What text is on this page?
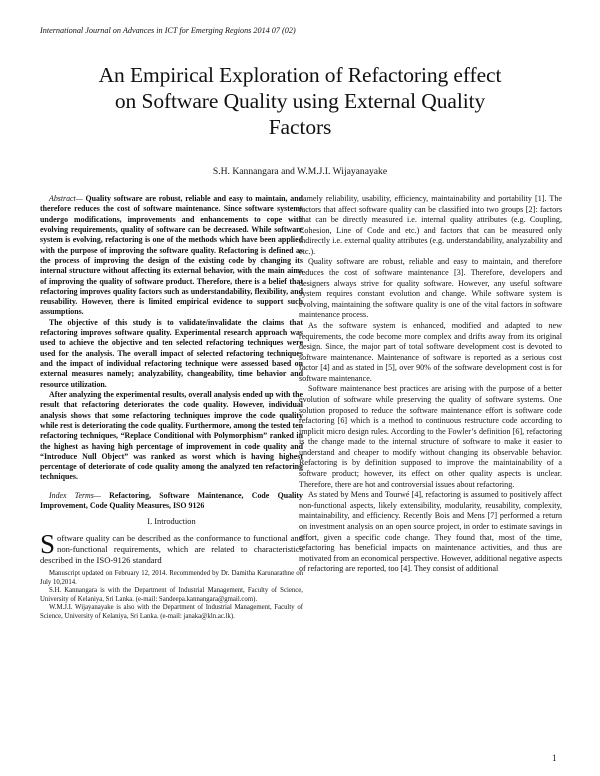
International Journal on Advances in ICT for Emerging Regions 2014 07 (02)
An Empirical Exploration of Refactoring effect
on Software Quality using External Quality
Factors
S.H. Kannangara and W.M.J.I. Wijayanayake

Abstract— Quality software are robust, reliable and easy to maintain, and therefore reduces the cost of software maintenance. Since software systems undergo modifications, improvements and enhancements to cope with evolving requirements, quality of software can be decreased. While software system is evolving, refactoring is one of the methods which have been applied with the purpose of improving the software quality. Refactoring is defined as the process of improving the design of the existing code by changing its internal structure without affecting its external behavior, with the main aims of improving the quality of software product. Therefore, there is a belief that refactoring improves quality factors such as understandability, flexibility, and reusability. However, there is limited empirical evidence to support such assumptions.

The objective of this study is to validate/invalidate the claims that refactoring improves software quality. Experimental research approach was used to achieve the objective and ten selected refactoring techniques were used for the analysis. The overall impact of selected refactoring techniques and the impact of individual refactoring technique were assessed based on external measures namely; analyzability, changeability, time behavior and resource utilization.

After analyzing the experimental results, overall analysis ended up with the result that refactoring deteriorates the code quality. However, individual analysis shows that some refactoring techniques improve the code quality while rest is deteriorating the code quality. Furthermore, among the tested ten refactoring techniques, “Replace Conditional with Polymorphism” ranked in the highest as having high percentage of improvement in code quality and “Introduce Null Object” was ranked as worst which is having highest percentage of deteriorate of code quality among the analyzed ten refactoring techniques.

Index Terms— Refactoring, Software Maintenance, Code Quality Improvement, Code Quality Measures, ISO 9126

I. Introduction

Software quality can be described as the conformance to functional and non-functional requirements, which are related to characteristics described in the ISO-9126 standard

Manuscript updated on February 12, 2014. Recommended by Dr. Damitha Karunarathne on July 10,2014.

S.H. Kannangara is with the Department of Industrial Management, Faculty of Science, University of Kelaniya, Sri Lanka. (e-mail: Sandeepa.kannangara@gmail.com).

W.M.J.I. Wijayanayake is also with the Department of Industrial Management, Faculty of Science, University of Kelaniya, Sri Lanka. (e-mail: janaka@kln.ac.lk).

namely reliability, usability, efficiency, maintainability and portability [1]. The factors that affect software quality can be classified into two groups [2]: factors that can be directly measured i.e. internal quality attributes (e.g. Coupling, Cohesion, Line of Code and etc.) and factors that can be measured only indirectly i.e. external quality attributes (e.g. understandability, analyzability and etc.).

Quality software are robust, reliable and easy to maintain, and therefore reduces the cost of software maintenance [3]. Therefore, developers and designers always strive for quality software. However, any useful software system requires constant evolution and change. While software system is evolving, maintaining the software quality is one of the vital factors in software maintenance process.

As the software system is enhanced, modified and adapted to new requirements, the code become more complex and drifts away from its original design. Since, the major part of total software development cost is devoted to software maintenance. Maintenance of software is reported as a serious cost factor [4] and as stated in [5], over 90% of the software development cost is for software maintenance.

Software maintenance best practices are arising with the purpose of a better evolution of software while preserving the quality of software systems. One solution proposed to reduce the software maintenance effort is software code refactoring [6] which is a method to continuous restructure code according to implicit micro design rules. According to the Fowler’s definition [6], refactoring is the change made to the internal structure of software to make it easier to understand and cheaper to modify without changing its observable behavior. Refactoring is by definition supposed to improve the maintainability of a software product; however, its effect on other quality aspects is unclear. Therefore, there are hot and controversial issues about refactoring.

As stated by Mens and Tourwé [4], refactoring is assumed to positively affect non-functional aspects, likely extensibility, modularity, reusability, complexity, maintainability, and efficiency. Recently Bois and Mens [7] performed a return on investment analysis on an open source project, in order to estimate savings in effort, given a specific code change. They found that, most of the time, refactoring has beneficial impacts on maintenance activities, and thus are motivated from an economical perspective. However, additional negative aspects of refactoring are reported, too [4]. They consist of additional

1
